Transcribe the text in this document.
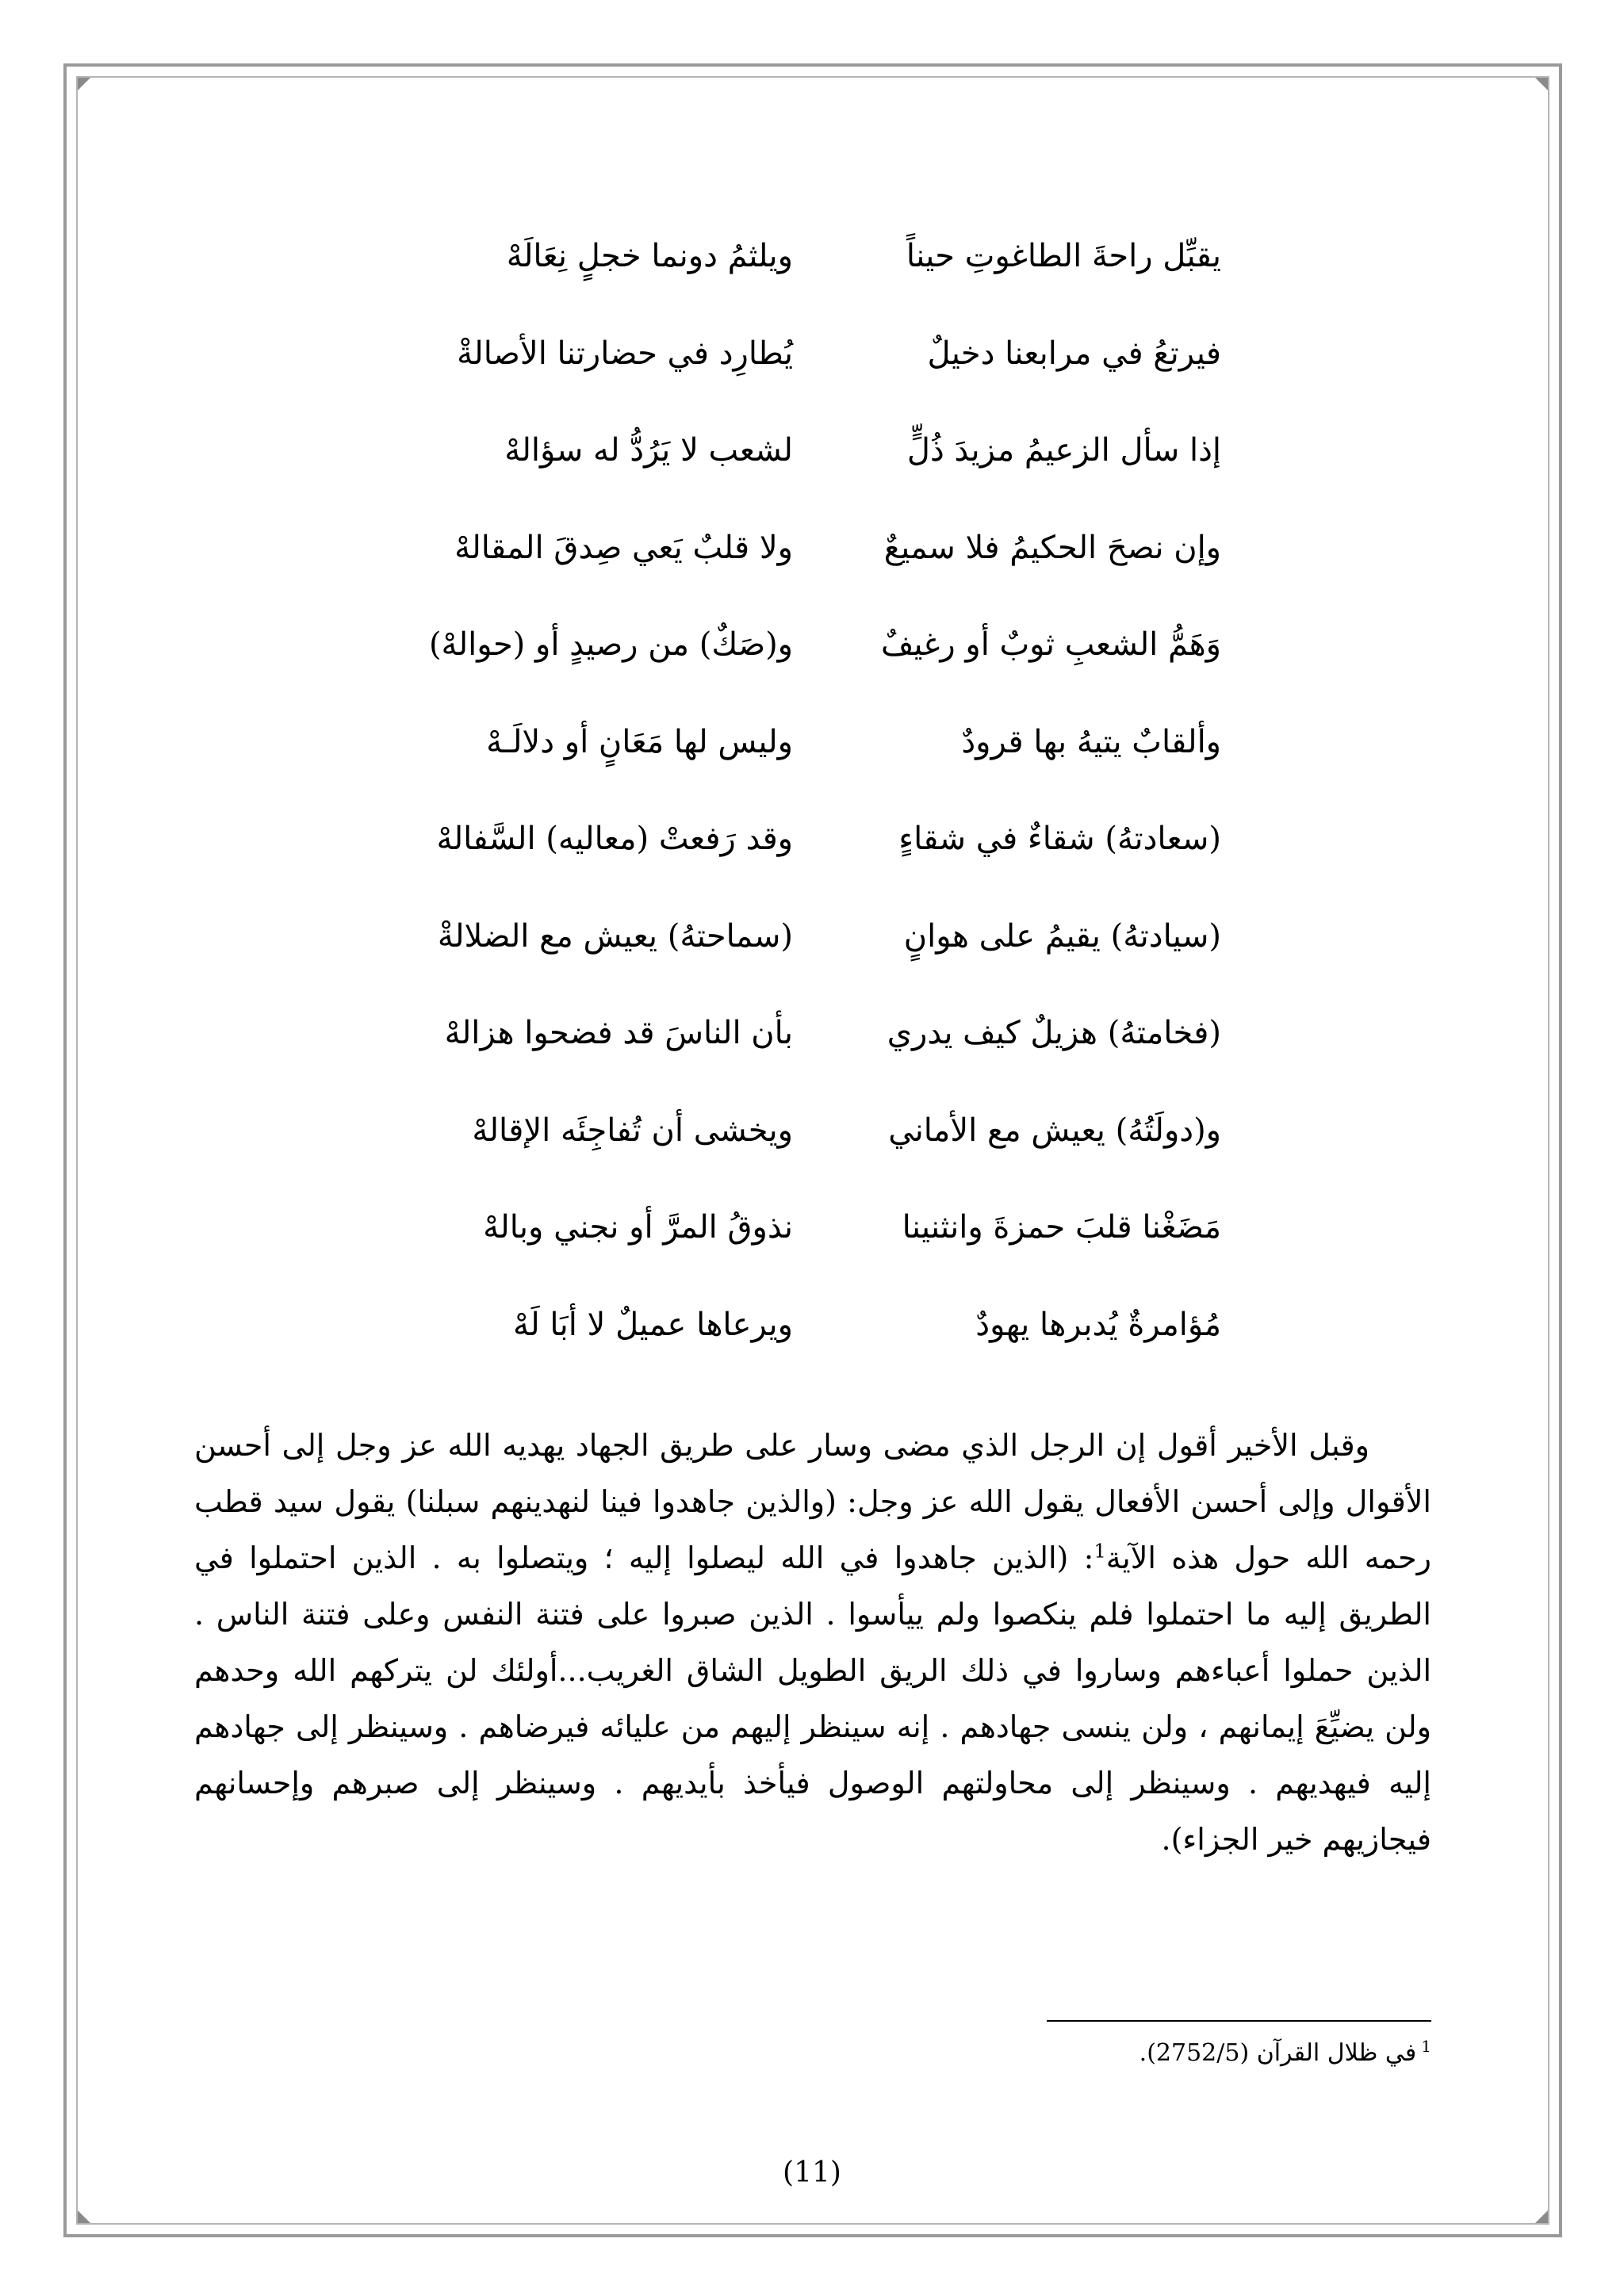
يقبِّل راحةَ الطاغوتِ حيناً
ويلثمُ دونما خجلٍ نِعَالَهْ
فيرتعُ في مرابعنا دخيلٌ
يُطارِد في حضارتنا الأصالةْ
إذا سأل الزعيمُ مزيدَ ذُلٍّ
لشعب لا يَرُدُّ له سؤالهْ
وإن نصحَ الحكيمُ فلا سميعٌ
ولا قلبٌ يَعي صِدقَ المقالهْ
وَهَمُّ الشعبِ ثوبٌ أو رغيفٌ
و(صَكٌ) من رصيدٍ أو (حوالهْ)
وألقابٌ يتيهُ بها قرودٌ
وليس لها مَعَانٍ أو دلالَـهْ
(سعادتهُ) شقاءٌ في شقاءٍ
وقد رَفعتْ (معاليه) السَّفالهْ
(سيادتهُ) يقيمُ على هوانٍ
(سماحتهُ) يعيش مع الضلالةْ
(فخامتهُ) هزيلٌ كيف يدري
بأن الناسَ قد فضحوا هزالهْ
و(دولَتُهُ) يعيش مع الأماني
ويخشى أن تُفاجِئَه الإقالهْ
مَضَغْنا قلبَ حمزةَ وانثنينا
نذوقُ المرَّ أو نجني وبالهْ
مُؤامرةٌ يُدبرها يهودٌ
ويرعاها عميلٌ لا أبَا لَهْ

وقبل الأخير أقول إن الرجل الذي مضى وسار على طريق الجهاد يهديه الله عز وجل إلى أحسن الأقوال وإلى أحسن الأفعال يقول الله عز وجل: (والذين جاهدوا فينا لنهدينهم سبلنا) يقول سيد قطب رحمه الله حول هذه الآية$^1$: (الذين جاهدوا في الله ليصلوا إليه ؛ ويتصلوا به . الذين احتملوا في الطريق إليه ما احتملوا فلم ينكصوا ولم ييأسوا . الذين صبروا على فتنة النفس وعلى فتنة الناس . الذين حملوا أعباءهم وساروا في ذلك الريق الطويل الشاق الغريب...أولئك لن يتركهم الله وحدهم ولن يضيِّعَ إيمانهم ، ولن ينسى جهادهم . إنه سينظر إليهم من عليائه فيرضاهم . وسينظر إلى جهادهم إليه فيهديهم . وسينظر إلى محاولتهم الوصول فيأخذ بأيديهم . وسينظر إلى صبرهم وإحسانهم فيجازيهم خير الجزاء).

$^1$في ظلال القرآن (2752/5).
(11)
